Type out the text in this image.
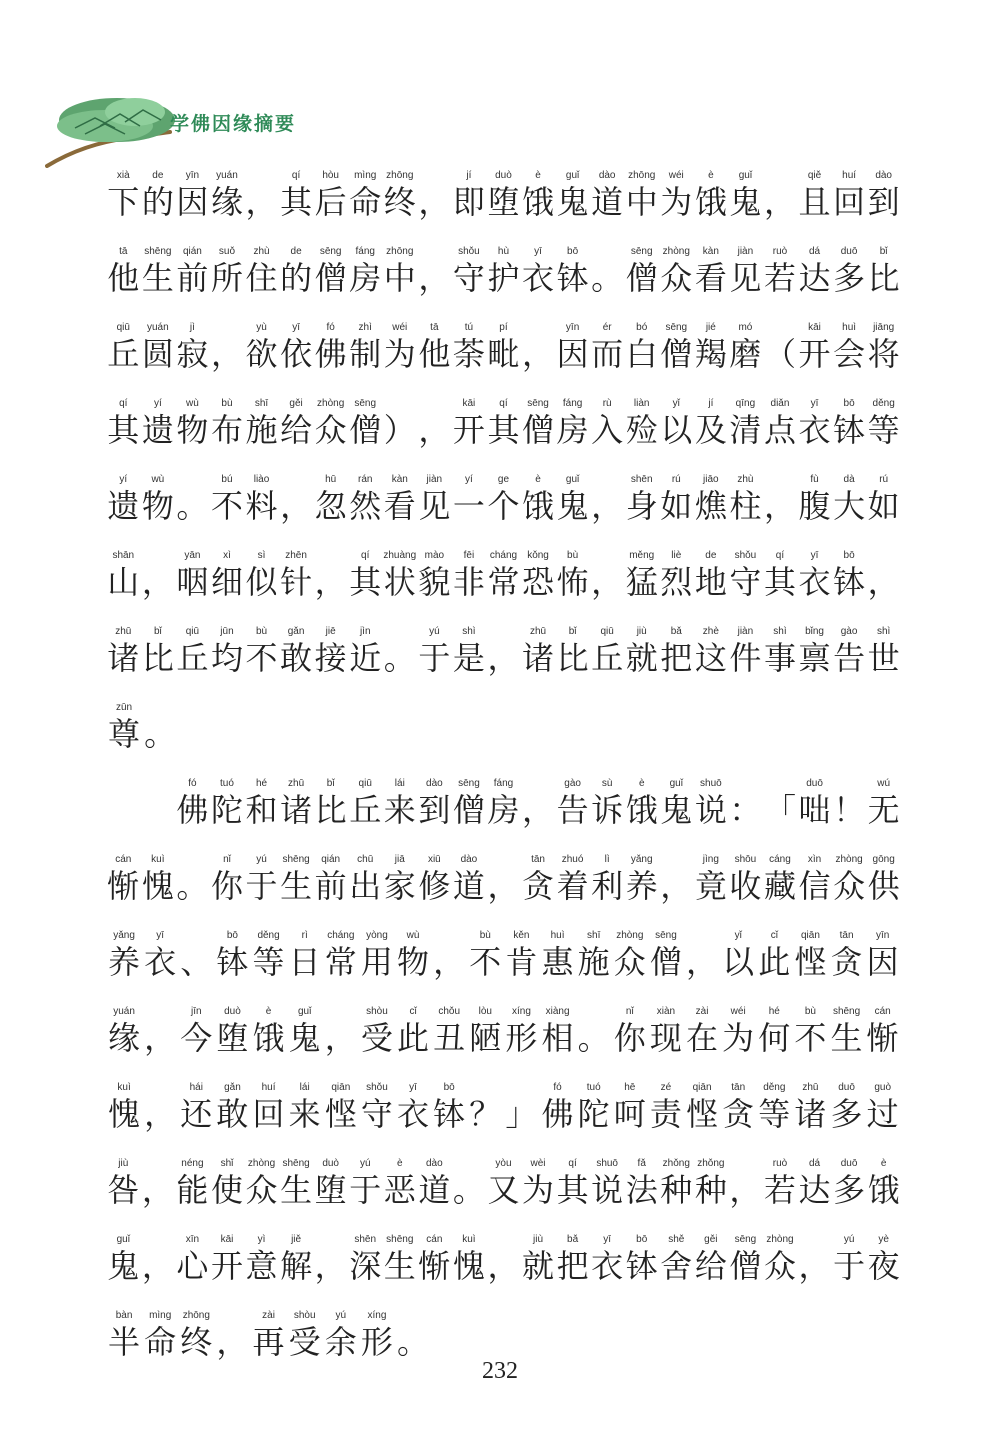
学佛因缘摘要
xià
下
de
的
yīn
因
yuán
缘 ，
qí
其
hòu
后
mìng
命
zhōng
终 ，
jí
即
duò
堕
è
饿
guǐ
鬼
dào
道
zhōng
中
wéi
为
è
饿
guǐ
鬼 ，
qiě
且
huí
回
dào
到
tā
他
shēng
生
qián
前
suǒ
所
zhù
住
de
的
sēng
僧
fáng
房
zhōng
中 ，
shǒu
守
hù
护
yī
衣
bō
钵 。
sēng
僧
zhòng
众
kàn
看
jiàn
见
ruò
若
dá
达
duō
多
bǐ
比
qiū
丘
yuán
圆
jì
寂 ，
yù
欲
yī
依
fó
佛
zhì
制
wéi
为
tā
他
tú
荼
pí
毗 ，
yīn
因
ér
而
bó
白
sēng
僧
jié
羯
mó
磨 （
kāi
开
huì
会
jiāng
将
qí
其
yí
遗
wù
物
bù
布
shī
施
gěi
给
zhòng
众
sēng
僧 ） ，
kāi
开
qí
其
sēng
僧
fáng
房
rù
入
liàn
殓
yǐ
以
jí
及
qīng
清
diǎn
点
yī
衣
bō
钵
děng
等
yí
遗
wù
物 。
bú
不
liào
料 ，
hū
忽
rán
然
kàn
看
jiàn
见
yí
一
ge
个
è
饿
guǐ
鬼 ，
shēn
身
rú
如
jiāo
燋
zhù
柱 ，
fù
腹
dà
大
rú
如
shān
山 ，
yān
咽
xì
细
sì
似
zhēn
针 ，
qí
其
zhuàng
状
mào
貌
fēi
非
cháng
常
kǒng
恐
bù
怖 ，
měng
猛
liè
烈
de
地
shǒu
守
qí
其
yī
衣
bō
钵 ，
zhū
诸
bǐ
比
qiū
丘
jūn
均
bù
不
gǎn
敢
jiē
接
jìn
近 。
yú
于
shì
是 ，
zhū
诸
bǐ
比
qiū
丘
jiù
就
bǎ
把
zhè
这
jiàn
件
shì
事
bǐng
禀
gào
告
shì
世
zūn
尊 。
fó
佛
tuó
陀
hé
和
zhū
诸
bǐ
比
qiū
丘
lái
来
dào
到
sēng
僧
fáng
房 ，
gào
告
sù
诉
è
饿
guǐ
鬼
shuō
说 ： 「
duō
咄 ！
wú
无
cán
惭
kuì
愧 。
nǐ
你
yú
于
shēng
生
qián
前
chū
出
jiā
家
xiū
修
dào
道 ，
tān
贪
zhuó
着
lì
利
yǎng
养 ，
jìng
竟
shōu
收
cáng
藏
xìn
信
zhòng
众
gōng
供
yǎng
养
yī
衣 、
bō
钵
děng
等
rì
日
cháng
常
yòng
用
wù
物 ，
bù
不
kěn
肯
huì
惠
shī
施
zhòng
众
sēng
僧 ，
yǐ
以
cǐ
此
qiān
悭
tān
贪
yīn
因
yuán
缘 ，
jīn
今
duò
堕
è
饿
guǐ
鬼 ，
shòu
受
cǐ
此
chǒu
丑
lòu
陋
xíng
形
xiàng
相 。
nǐ
你
xiàn
现
zài
在
wéi
为
hé
何
bù
不
shēng
生
cán
惭
kuì
愧 ，
hái
还
gǎn
敢
huí
回
lái
来
qiān
悭
shǒu
守
yī
衣
bō
钵 ？ 」
fó
佛
tuó
陀
hē
呵
zé
责
qiān
悭
tān
贪
děng
等
zhū
诸
duō
多
guò
过
jiù
咎 ，
néng
能
shǐ
使
zhòng
众
shēng
生
duò
堕
yú
于
è
恶
dào
道 。
yòu
又
wèi
为
qí
其
shuō
说
fǎ
法
zhǒng
种
zhǒng
种 ，
ruò
若
dá
达
duō
多
è
饿
guǐ
鬼 ，
xīn
心
kāi
开
yì
意
jiě
解 ，
shēn
深
shēng
生
cán
惭
kuì
愧 ，
jiù
就
bǎ
把
yī
衣
bō
钵
shě
舍
gěi
给
sēng
僧
zhòng
众 ，
yú
于
yè
夜
bàn
半
mìng
命
zhōng
终 ，
zài
再
shòu
受
yú
余
xíng
形 。
232
